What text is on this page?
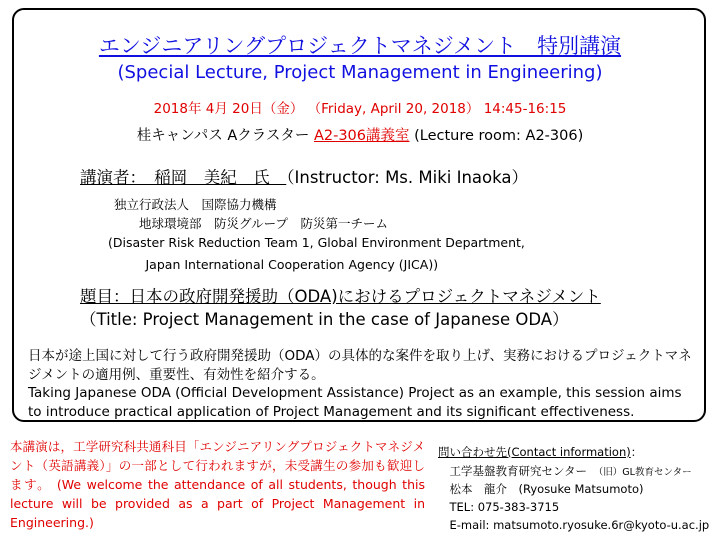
エンジニアリングプロジェクトマネジメント　特別講演
(Special Lecture, Project Management in Engineering)
2018年 4月 20日（金） （Friday, April 20, 2018） 14:45-16:15
桂キャンパス Aクラスター A2-306講義室 (Lecture room: A2-306)
講演者：　稲岡　美紀　氏　（Instructor: Ms. Miki Inaoka）
独立行政法人　国際協力機構
　　地球環境部　防災グループ　防災第一チーム
(Disaster Risk Reduction Team 1, Global Environment Department,
　　　Japan International Cooperation Agency (JICA))
題目：日本の政府開発援助（ODA)におけるプロジェクトマネジメント
（Title: Project Management in the case of Japanese ODA）
日本が途上国に対して行う政府開発援助（ODA）の具体的な案件を取り上げ、実務におけるプロジェクトマネジメントの適用例、重要性、有効性を紹介する。
Taking Japanese ODA (Official Development Assistance) Project as an example, this session aims to introduce practical application of Project Management and its significant effectiveness.
本講演は，工学研究科共通科目「エンジニアリングプロジェクトマネジメント（英語講義）」の一部として行われますが，未受講生の参加も歓迎します。 (We welcome the attendance of all students, though this lecture will be provided as a part of Project Management in Engineering.)
問い合わせ先(Contact information)：
　工学基盤教育研究センター　（旧）GL教育センター
　松本　龍介　(Ryosuke Matsumoto)
　TEL: 075-383-3715
　E-mail: matsumoto.ryosuke.6r@kyoto-u.ac.jp
